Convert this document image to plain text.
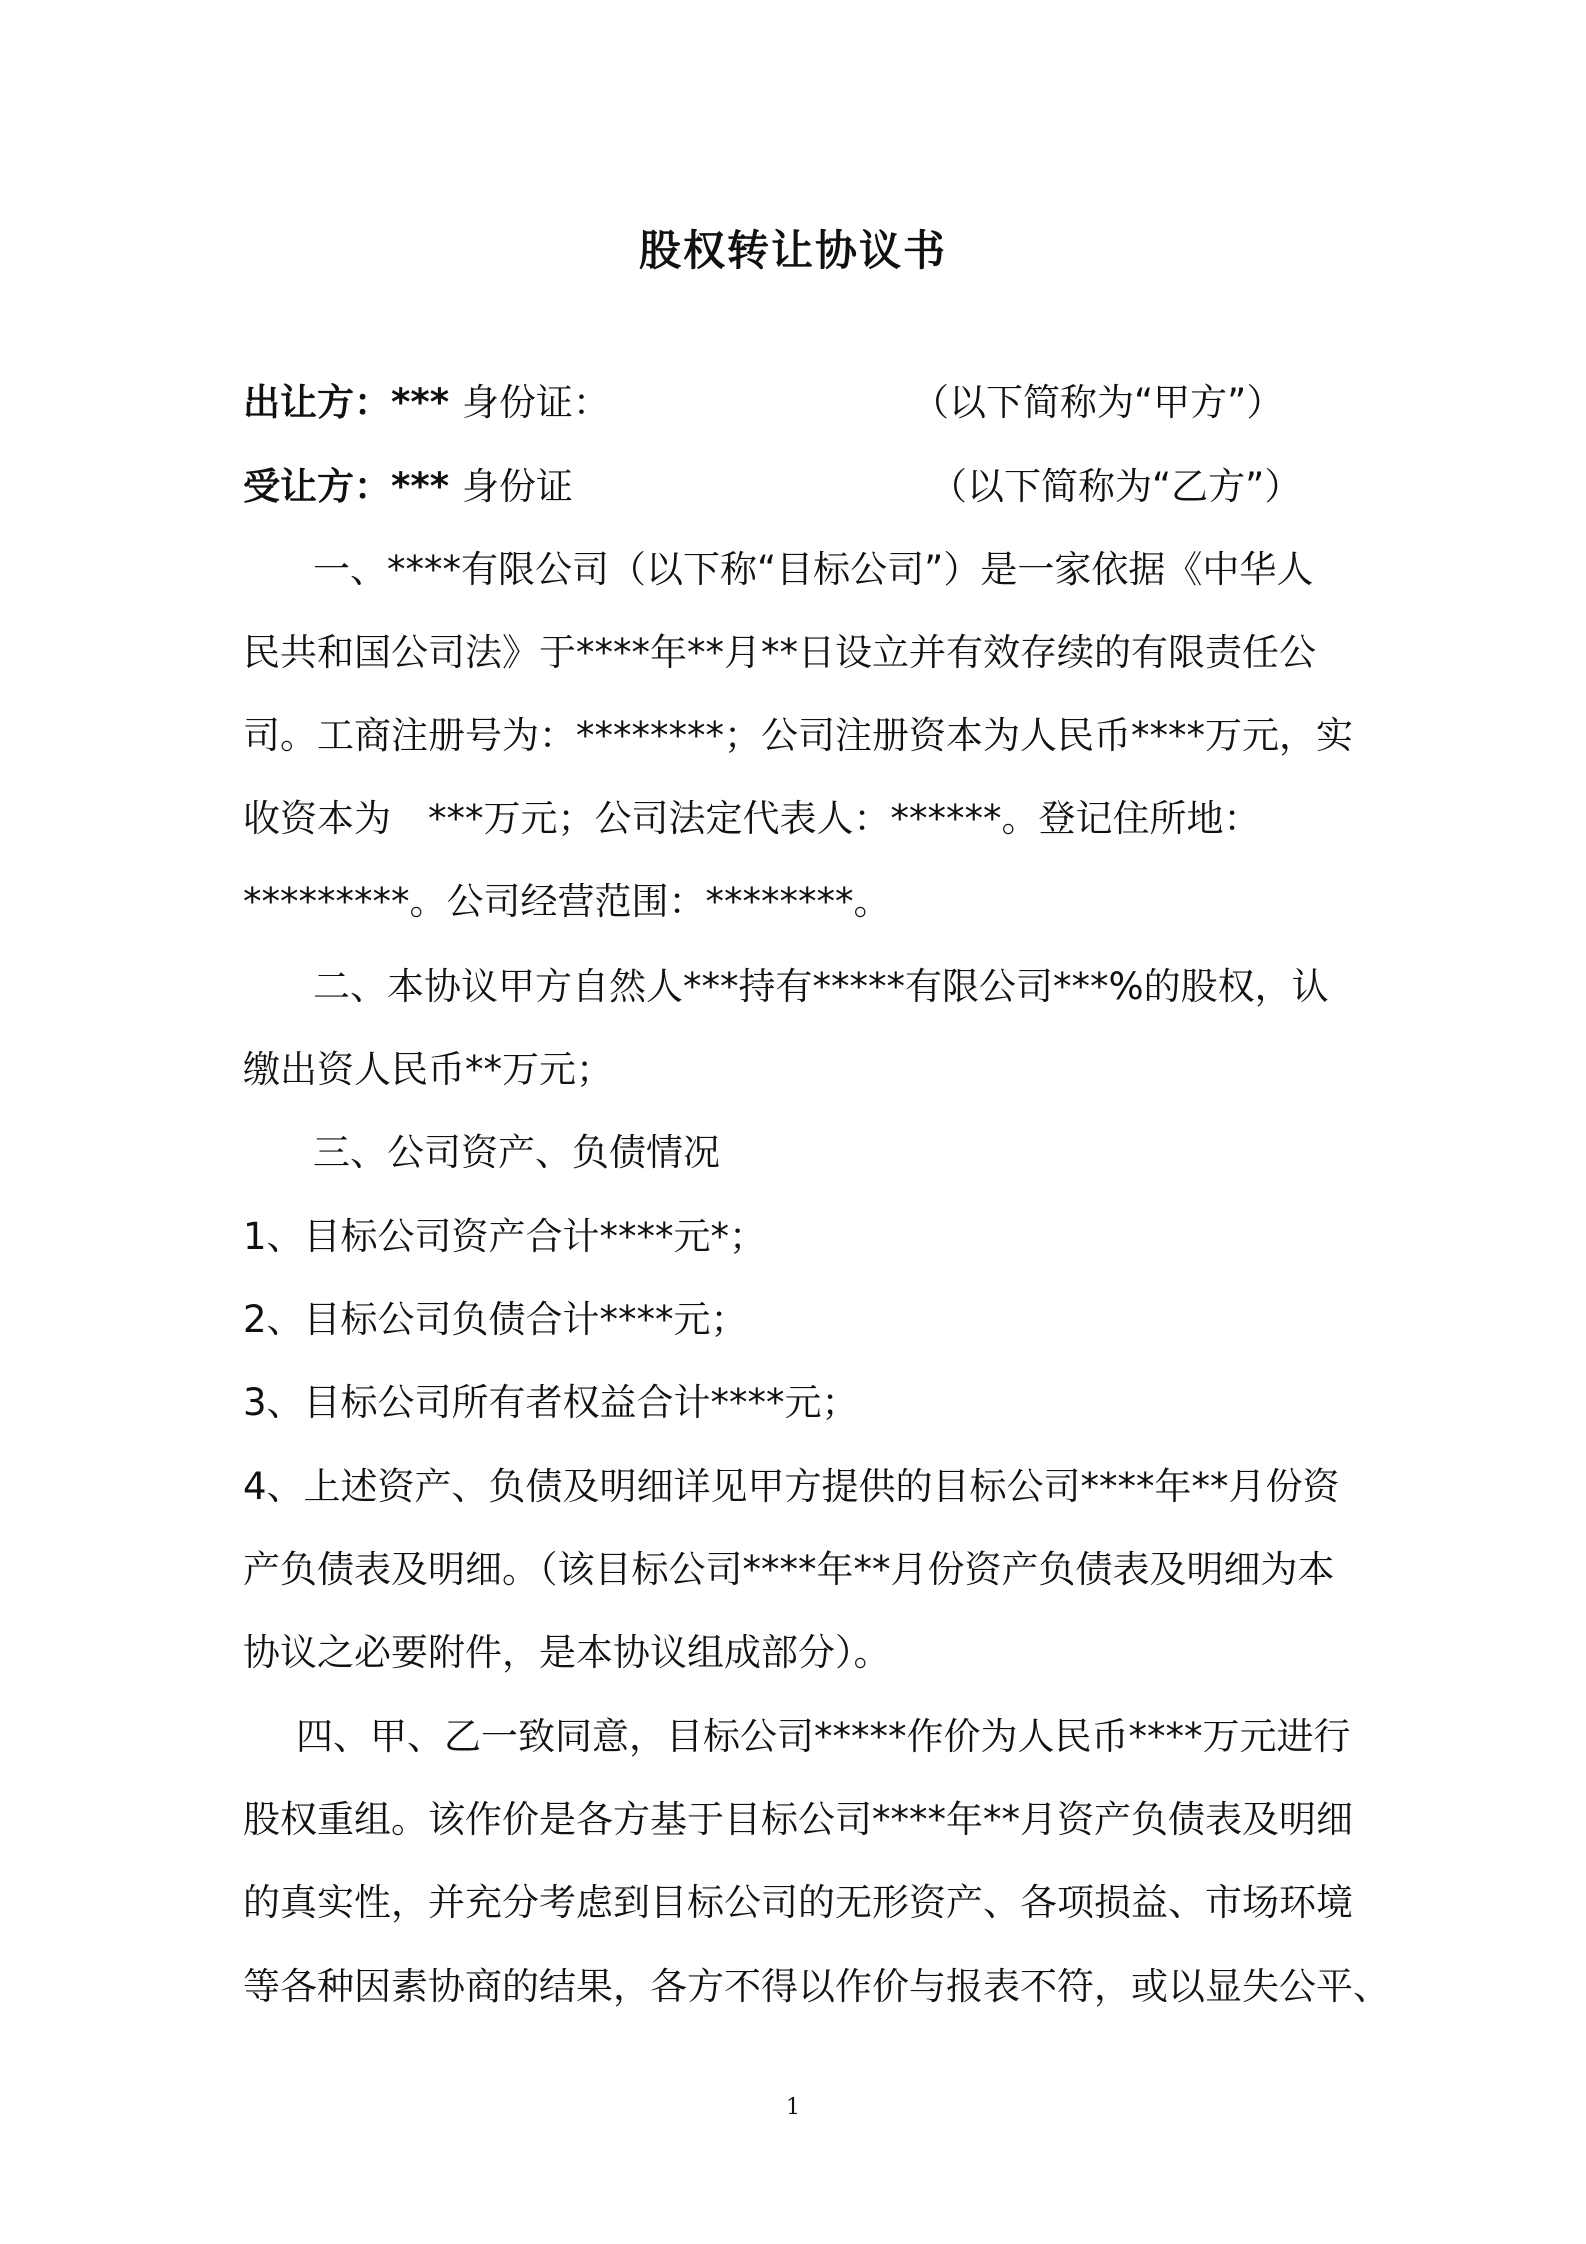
股权转让协议书
出让方：*** 身份证：	（以下简称为“甲方”）
受让方：*** 身份证	（以下简称为“乙方”）
一、****有限公司（以下称“目标公司”）是一家依据《中华人
民共和国公司法》于****年**月**日设立并有效存续的有限责任公
司。工商注册号为：********；公司注册资本为人民币****万元，实
收资本为　***万元；公司法定代表人：******。登记住所地：
*********。公司经营范围：********。
二、本协议甲方自然人***持有*****有限公司***%的股权，认
缴出资人民币**万元；
三、公司资产、负债情况
1、目标公司资产合计****元*；
2、目标公司负债合计****元；
3、目标公司所有者权益合计****元；
4、上述资产、负债及明细详见甲方提供的目标公司****年**月份资
产负债表及明细。（该目标公司****年**月份资产负债表及明细为本
协议之必要附件，是本协议组成部分）。
四、甲、乙一致同意，目标公司*****作价为人民币****万元进行
股权重组。该作价是各方基于目标公司****年**月资产负债表及明细
的真实性，并充分考虑到目标公司的无形资产、各项损益、市场环境
等各种因素协商的结果，各方不得以作价与报表不符，或以显失公平、
1
